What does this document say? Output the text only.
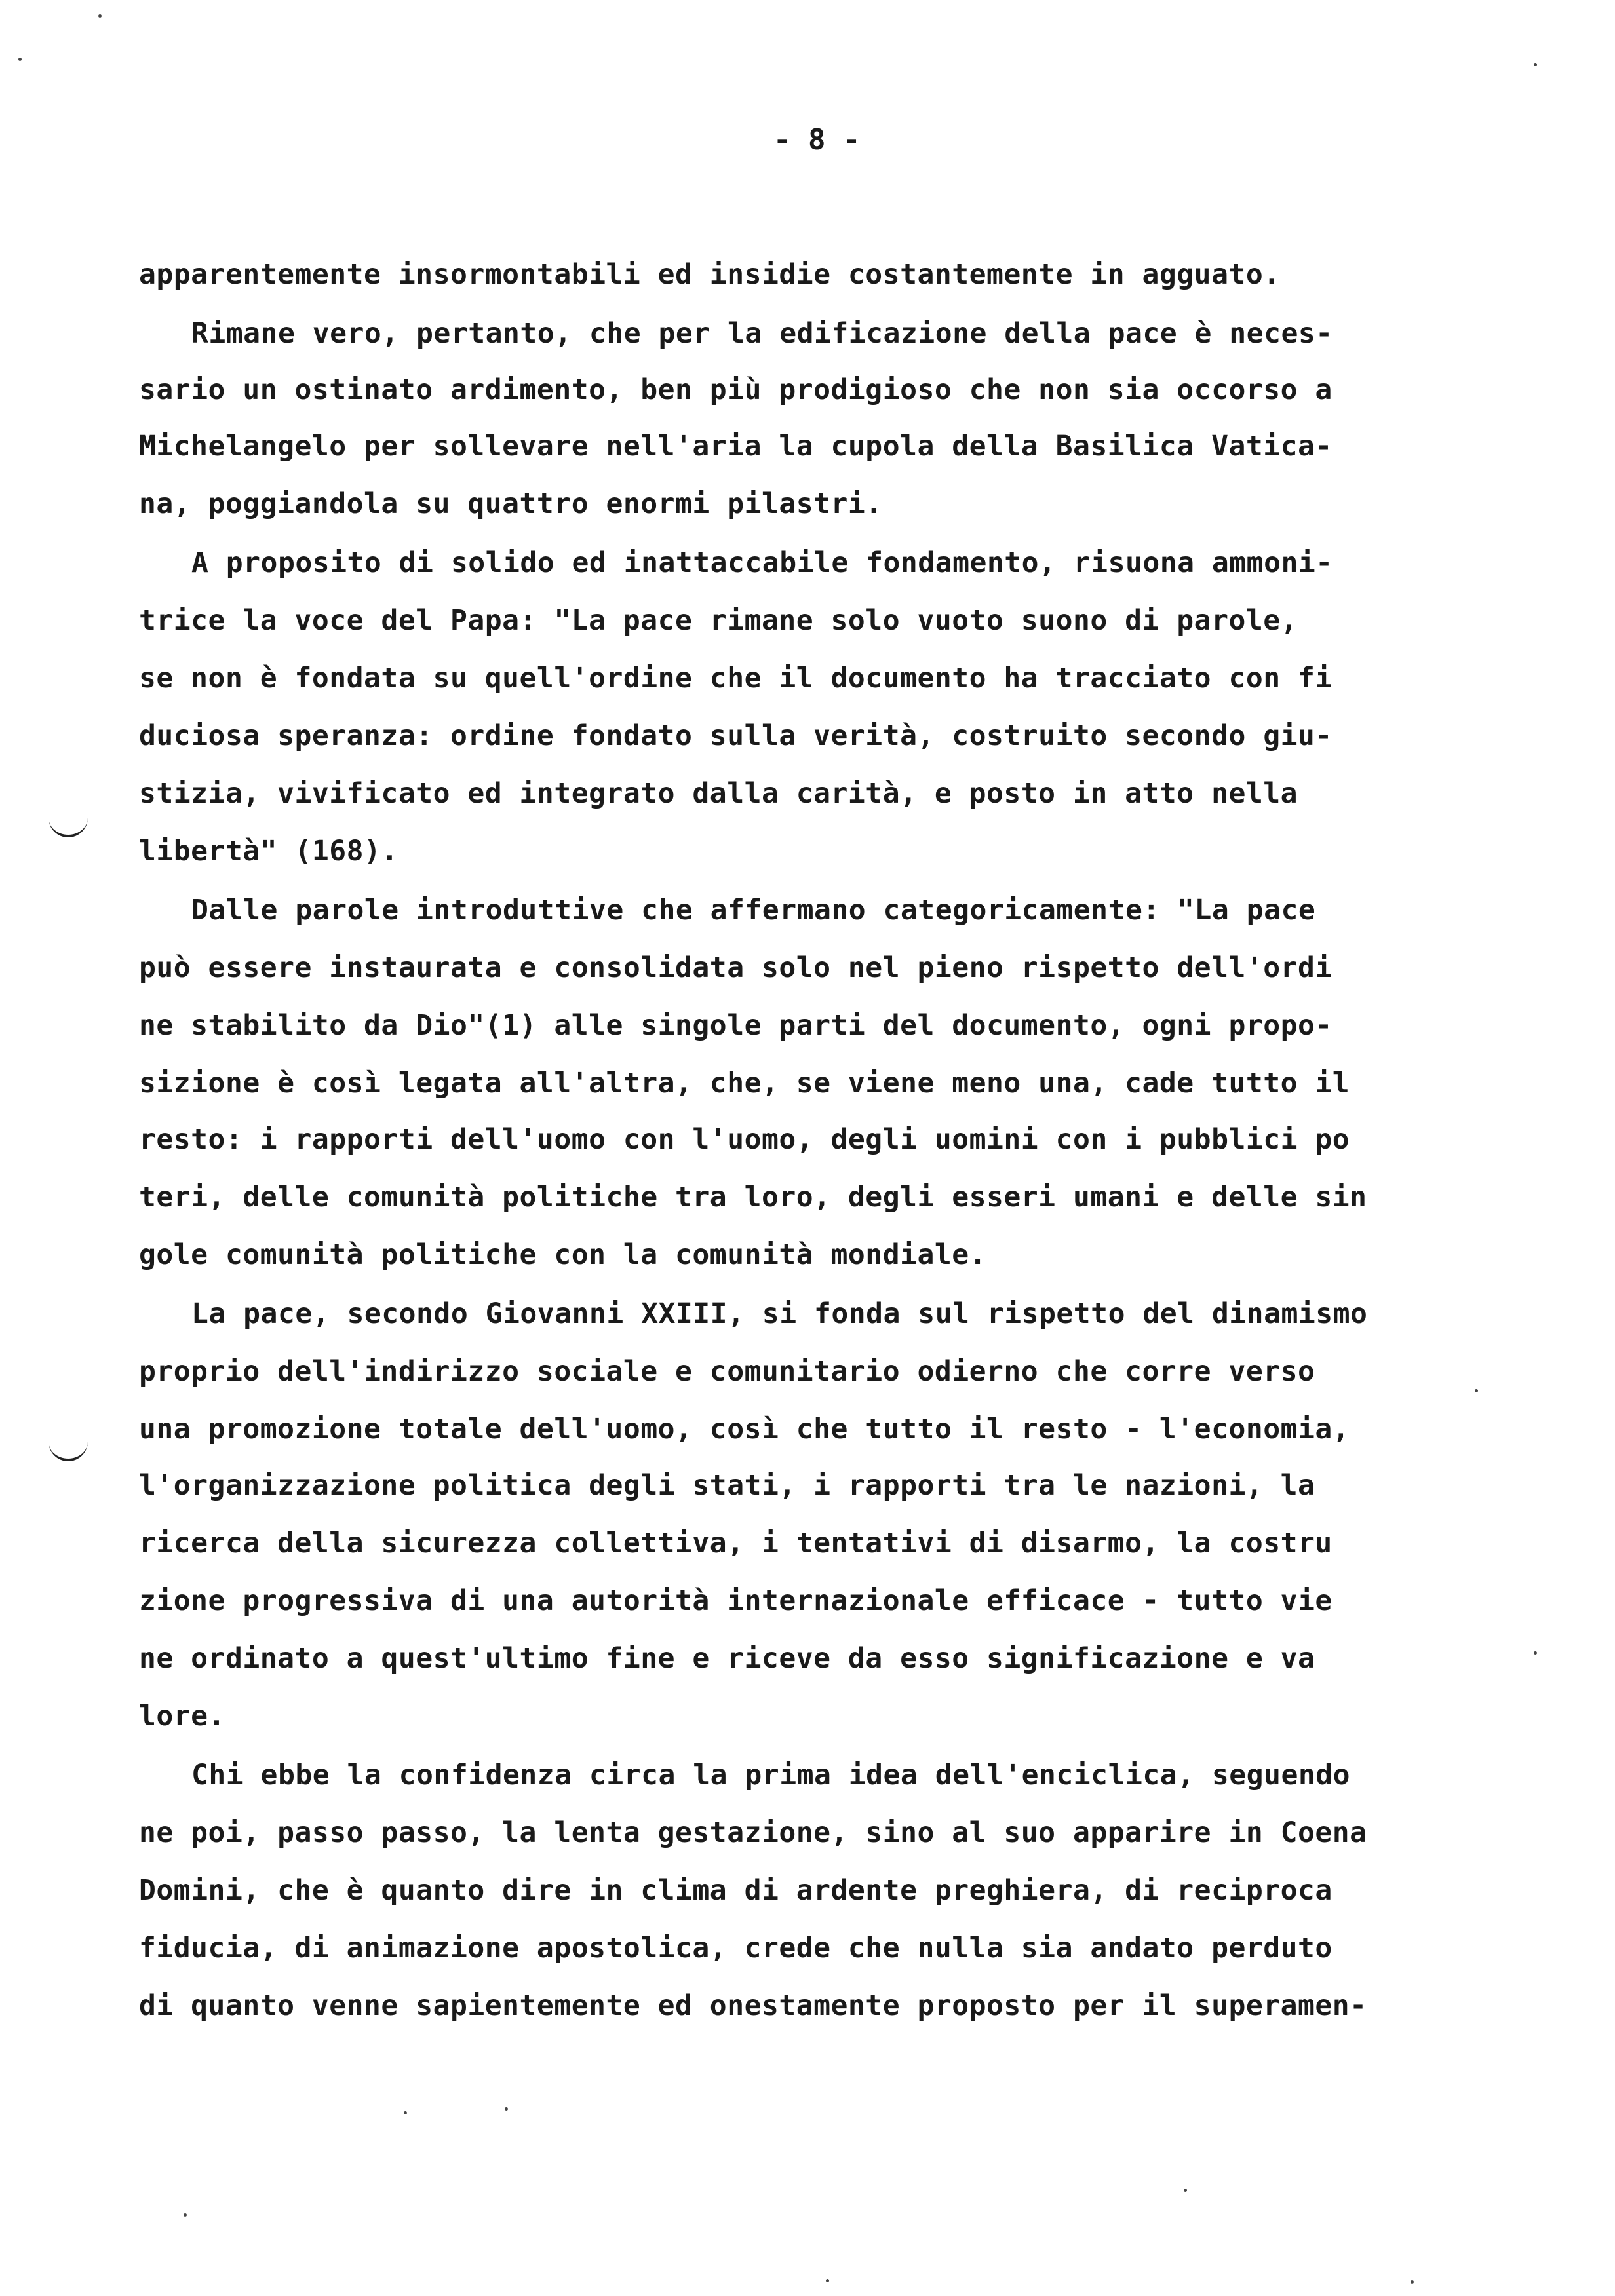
- 8 -
apparentemente insormontabili ed insidie costantemente in agguato.
Rimane vero, pertanto, che per la edificazione della pace è neces-
sario un ostinato ardimento, ben più prodigioso che non sia occorso a
Michelangelo per sollevare nell'aria la cupola della Basilica Vatica-
na, poggiandola su quattro enormi pilastri.
A proposito di solido ed inattaccabile fondamento, risuona ammoni-
trice la voce del Papa: "La pace rimane solo vuoto suono di parole,
se non è fondata su quell'ordine che il documento ha tracciato con fi
duciosa speranza: ordine fondato sulla verità, costruito secondo giu-
stizia, vivificato ed integrato dalla carità, e posto in atto nella
libertà" (168).
Dalle parole introduttive che affermano categoricamente: "La pace
può essere instaurata e consolidata solo nel pieno rispetto dell'ordi
ne stabilito da Dio"(1) alle singole parti del documento, ogni propo-
sizione è così legata all'altra, che, se viene meno una, cade tutto il
resto: i rapporti dell'uomo con l'uomo, degli uomini con i pubblici po
teri, delle comunità politiche tra loro, degli esseri umani e delle sin
gole comunità politiche con la comunità mondiale.
La pace, secondo Giovanni XXIII, si fonda sul rispetto del dinamismo
proprio dell'indirizzo sociale e comunitario odierno che corre verso
una promozione totale dell'uomo, così che tutto il resto - l'economia,
l'organizzazione politica degli stati, i rapporti tra le nazioni, la
ricerca della sicurezza collettiva, i tentativi di disarmo, la costru
zione progressiva di una autorità internazionale efficace - tutto vie
ne ordinato a quest'ultimo fine e riceve da esso significazione e va
lore.
Chi ebbe la confidenza circa la prima idea dell'enciclica, seguendo
ne poi, passo passo, la lenta gestazione, sino al suo apparire in Coena
Domini, che è quanto dire in clima di ardente preghiera, di reciproca
fiducia, di animazione apostolica, crede che nulla sia andato perduto
di quanto venne sapientemente ed onestamente proposto per il superamen-
